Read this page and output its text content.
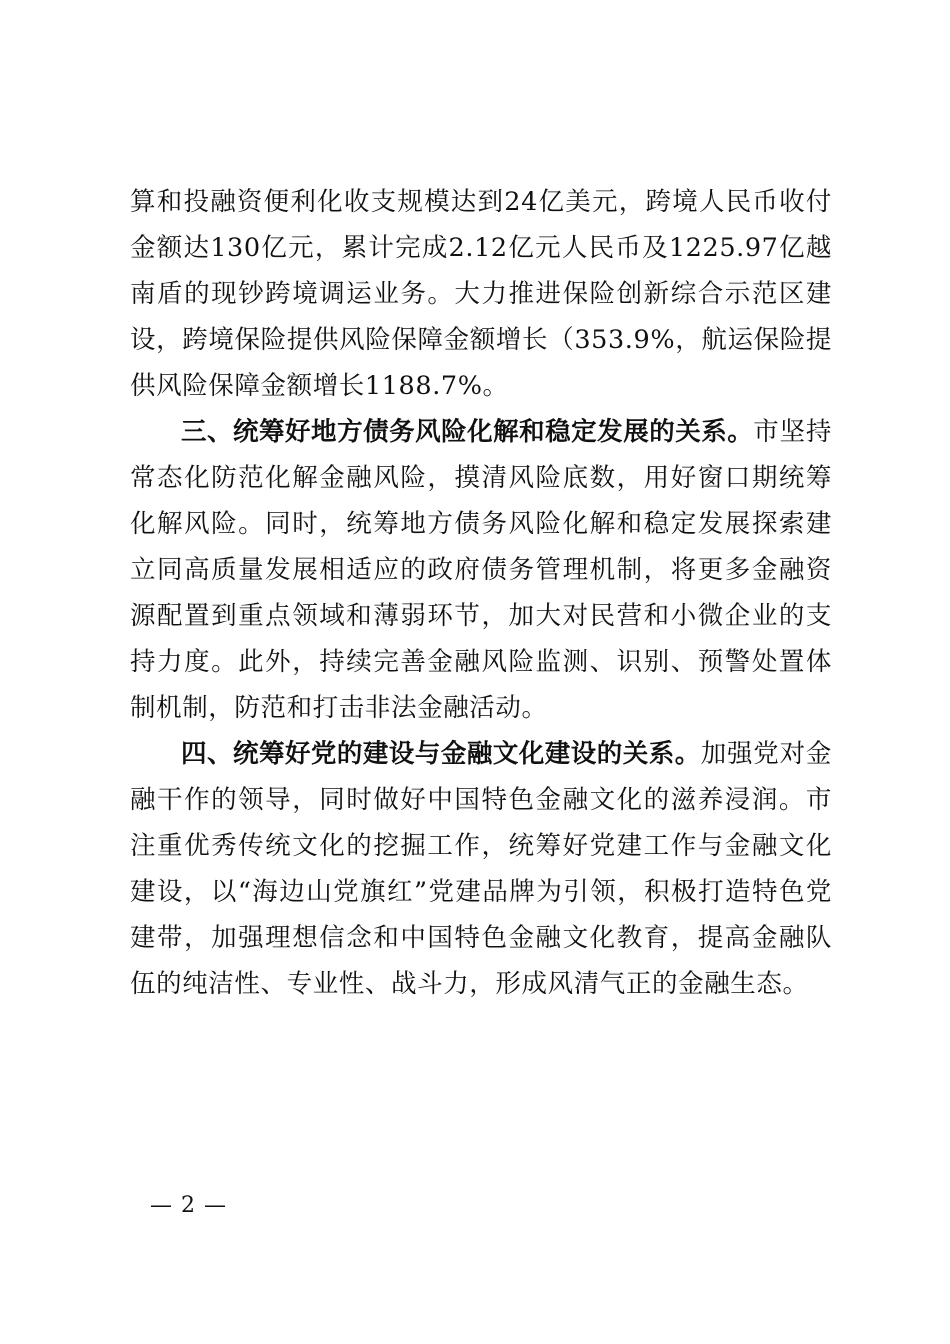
算和投融资便利化收支规模达到24亿美元，跨境人民币收付金额达130亿元，累计完成2.12亿元人民币及1225.97亿越南盾的现钞跨境调运业务。大力推进保险创新综合示范区建设，跨境保险提供风险保障金额增长（353.9%，航运保险提供风险保障金额增长1188.7%。

三、统筹好地方债务风险化解和稳定发展的关系。市坚持常态化防范化解金融风险，摸清风险底数，用好窗口期统筹化解风险。同时，统筹地方债务风险化解和稳定发展探索建立同高质量发展相适应的政府债务管理机制，将更多金融资源配置到重点领域和薄弱环节，加大对民营和小微企业的支持力度。此外，持续完善金融风险监测、识别、预警处置体制机制，防范和打击非法金融活动。

四、统筹好党的建设与金融文化建设的关系。加强党对金融干作的领导，同时做好中国特色金融文化的滋养浸润。市注重优秀传统文化的挖掘工作，统筹好党建工作与金融文化建设，以“海边山党旗红”党建品牌为引领，积极打造特色党建带，加强理想信念和中国特色金融文化教育，提高金融队伍的纯洁性、专业性、战斗力，形成风清气正的金融生态。

— 2 —
